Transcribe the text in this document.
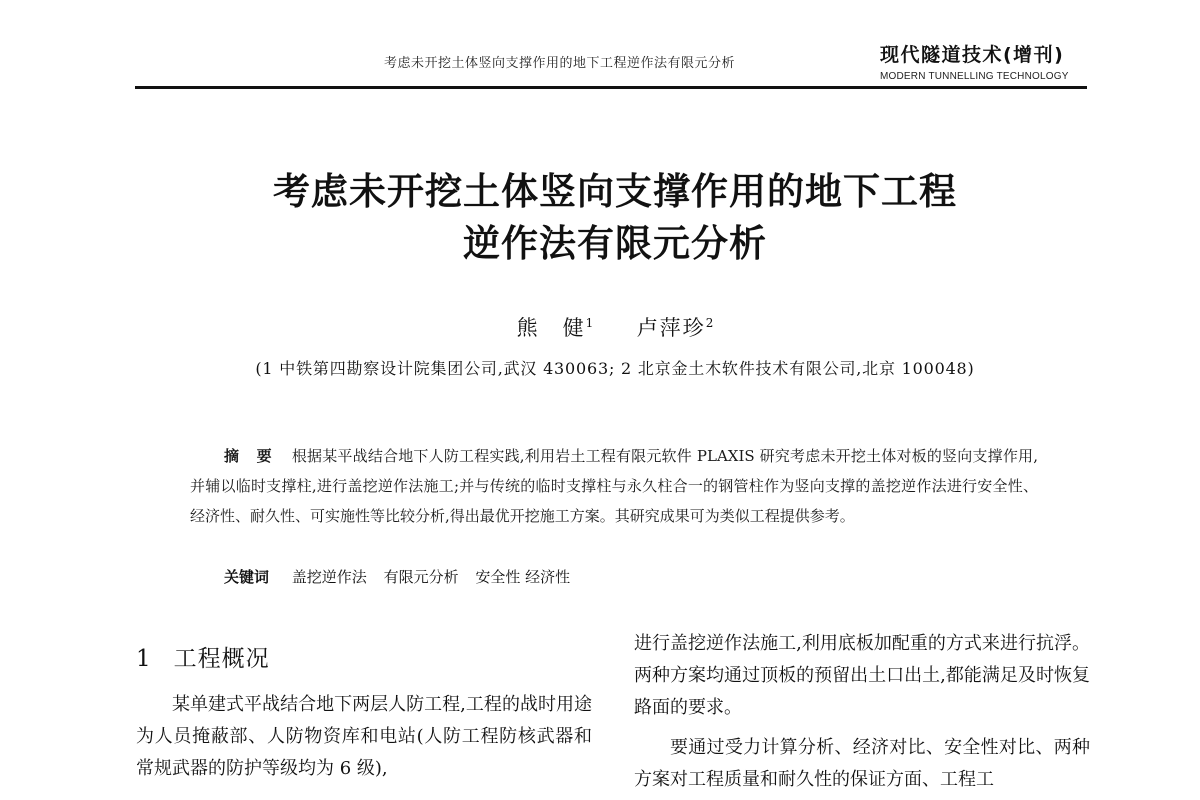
考虑未开挖土体竖向支撑作用的地下工程逆作法有限元分析	现代隧道技术(增刊)
MODERN TUNNELLING TECHNOLOGY
考虑未开挖土体竖向支撑作用的地下工程
逆作法有限元分析
熊　健$^1$ 卢萍珍$^2$
(1 中铁第四勘察设计院集团公司,武汉 430063; 2 北京金土木软件技术有限公司,北京 100048)

摘 要 根据某平战结合地下人防工程实践,利用岩土工程有限元软件 PLAXIS 研究考虑未开挖土体对板的竖向支撑作用,并辅以临时支撑柱,进行盖挖逆作法施工;并与传统的临时支撑柱与永久柱合一的钢管柱作为竖向支撑的盖挖逆作法进行安全性、经济性、耐久性、可实施性等比较分析,得出最优开挖施工方案。其研究成果可为类似工程提供参考。

关键词 盖挖逆作法 有限元分析 安全性 经济性
1 工程概况

某单建式平战结合地下两层人防工程,工程的战时用途为人员掩蔽部、人防物资库和电站(人防工程防核武器和常规武器的防护等级均为 6 级),

进行盖挖逆作法施工,利用底板加配重的方式来进行抗浮。两种方案均通过顶板的预留出土口出土,都能满足及时恢复路面的要求。

要通过受力计算分析、经济对比、安全性对比、两种方案对工程质量和耐久性的保证方面、工程工
